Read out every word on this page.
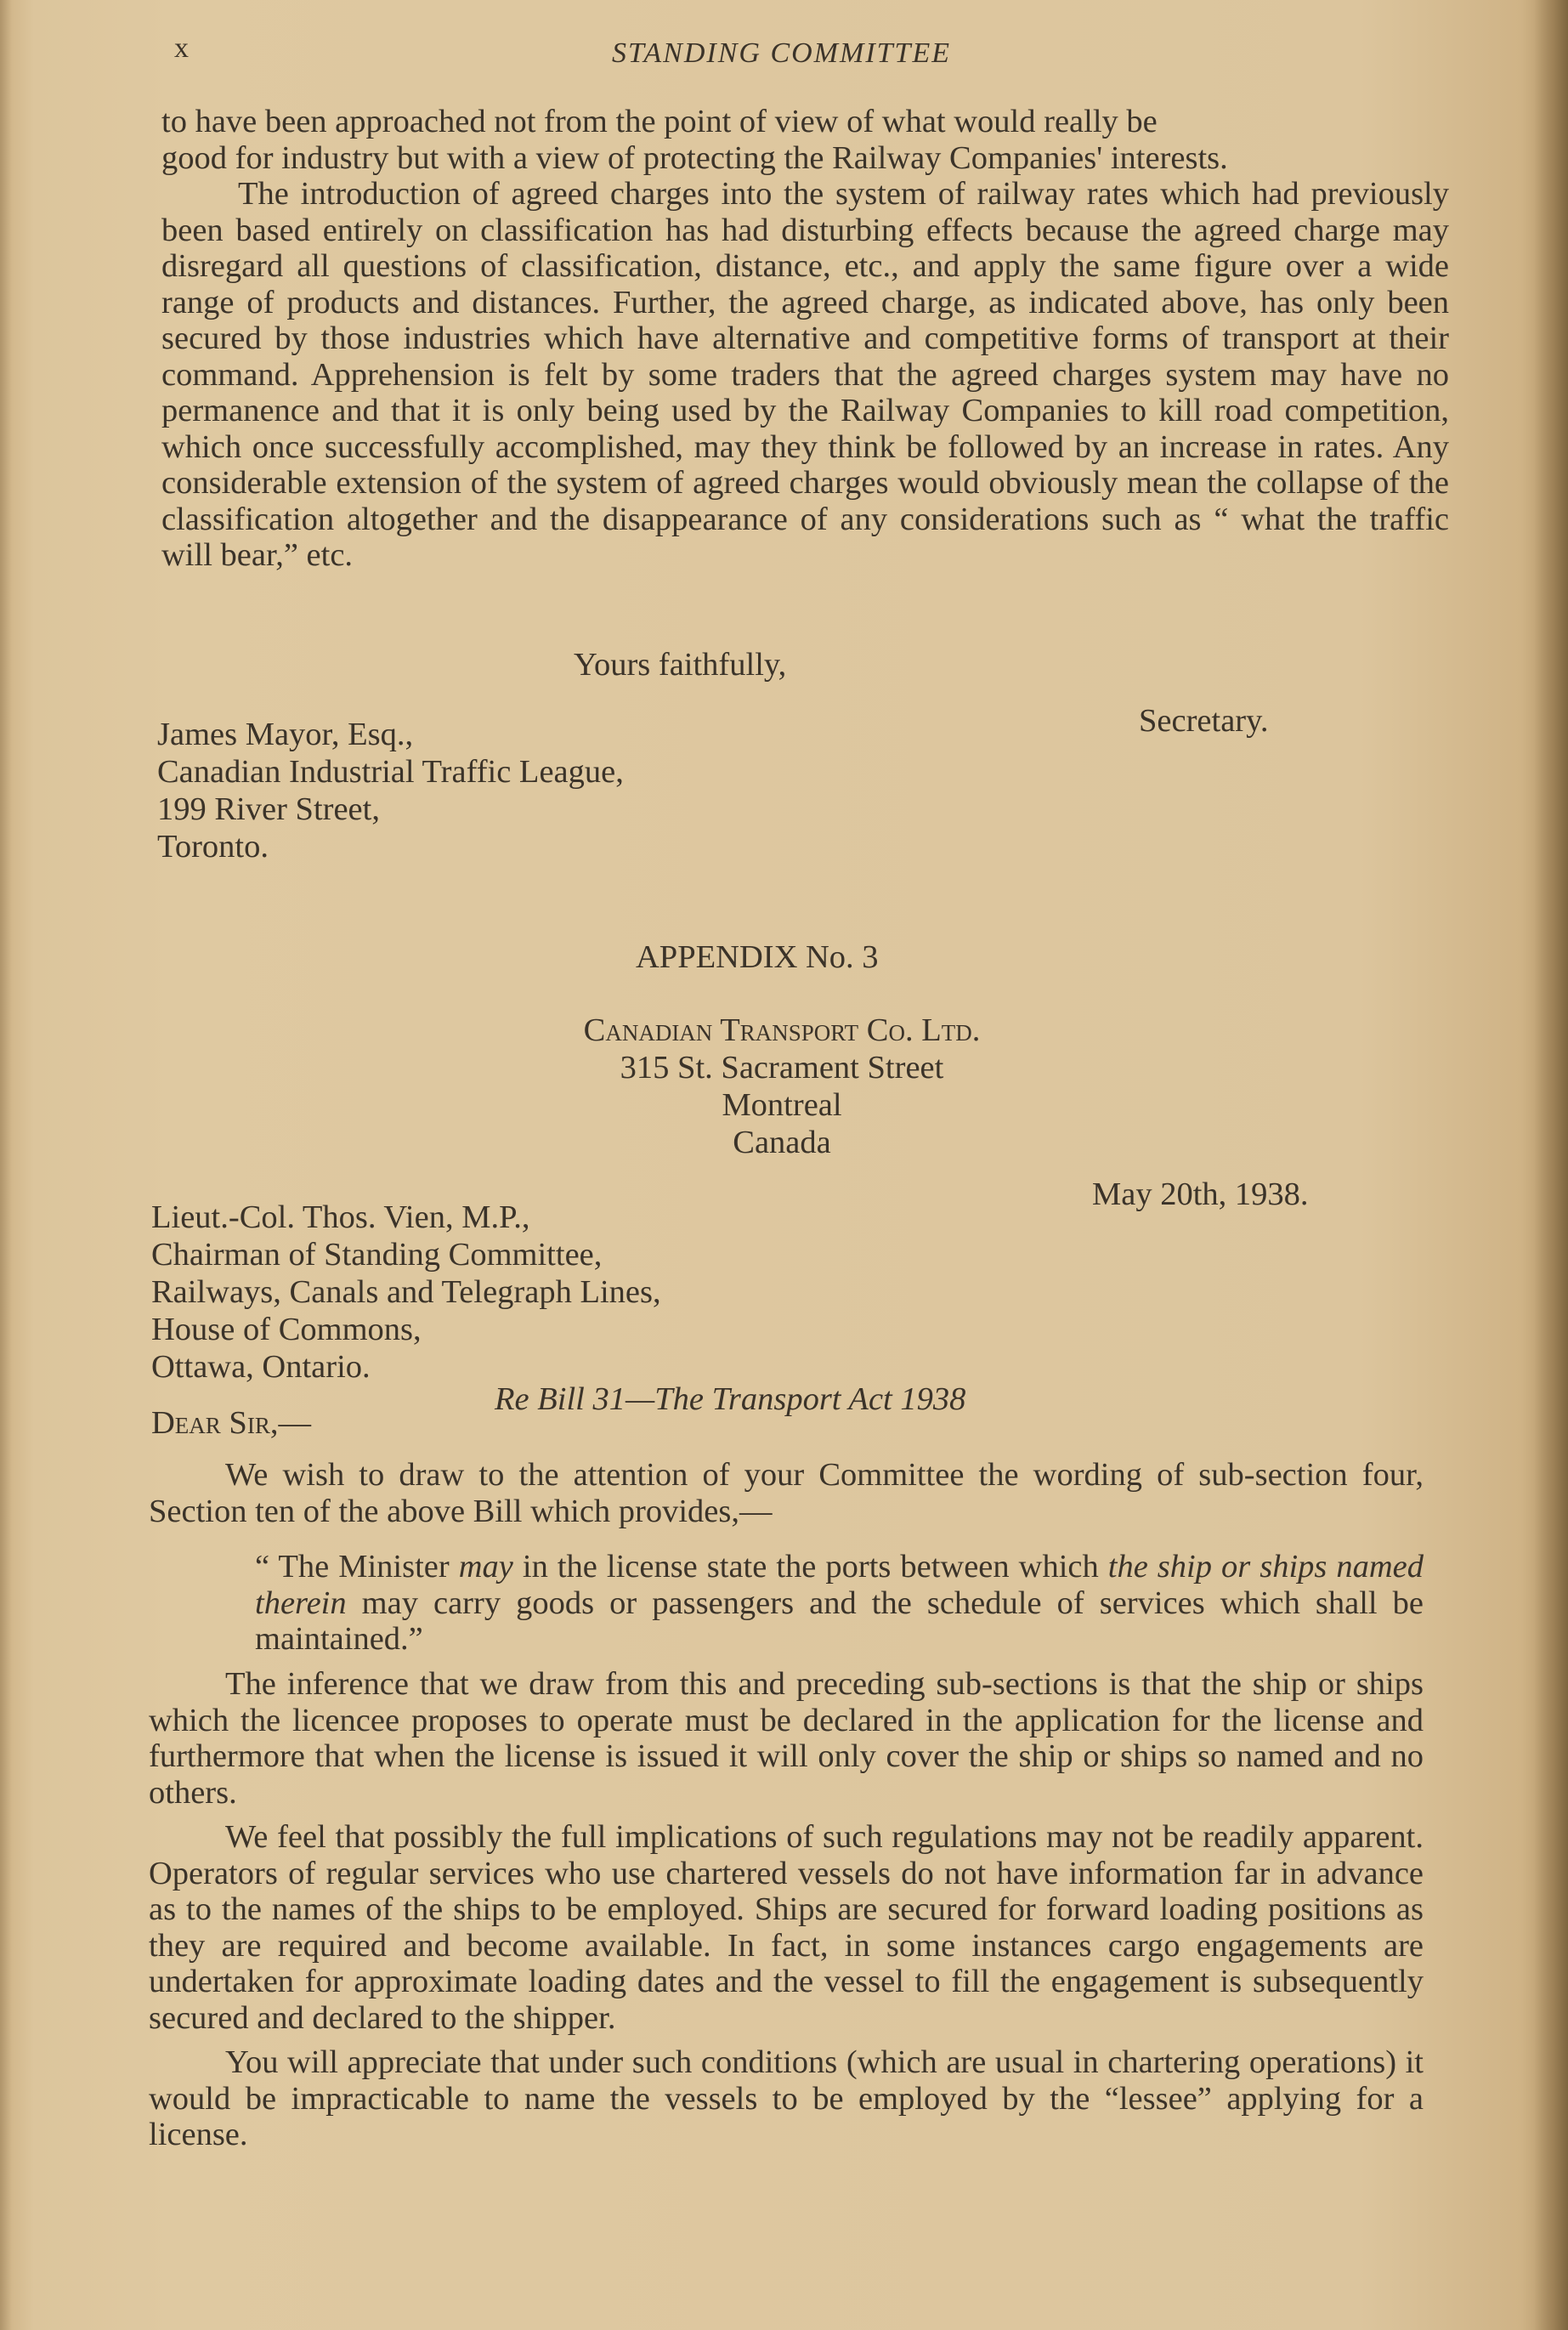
x	STANDING COMMITTEE

to have been approached not from the point of view of what would really be
good for industry but with a view of protecting the Railway Companies' interests.

The introduction of agreed charges into the system of railway rates which had previously been based entirely on classification has had disturbing effects because the agreed charge may disregard all questions of classification, distance, etc., and apply the same figure over a wide range of products and distances. Further, the agreed charge, as indicated above, has only been secured by those industries which have alternative and competitive forms of transport at their command. Apprehension is felt by some traders that the agreed charges system may have no permanence and that it is only being used by the Railway Companies to kill road competition, which once successfully accomplished, may they think be followed by an increase in rates. Any considerable extension of the system of agreed charges would obviously mean the collapse of the classification altogether and the disappearance of any considerations such as “ what the traffic will bear,” etc.

Yours faithfully,
Secretary.
James Mayor, Esq.,
Canadian Industrial Traffic League,
199 River Street,
Toronto.
APPENDIX No. 3
Canadian Transport Co. Ltd.
315 St. Sacrament Street
Montreal
Canada
May 20th, 1938.
Lieut.-Col. Thos. Vien, M.P.,
Chairman of Standing Committee,
Railways, Canals and Telegraph Lines,
House of Commons,
Ottawa, Ontario.
Re Bill 31—The Transport Act 1938
Dear Sir,—

We wish to draw to the attention of your Committee the wording of sub-section four, Section ten of the above Bill which provides,—

“ The Minister may in the license state the ports between which the ship or ships named therein may carry goods or passengers and the schedule of services which shall be maintained.”

The inference that we draw from this and preceding sub-sections is that the ship or ships which the licencee proposes to operate must be declared in the application for the license and furthermore that when the license is issued it will only cover the ship or ships so named and no others.

We feel that possibly the full implications of such regulations may not be readily apparent. Operators of regular services who use chartered vessels do not have information far in advance as to the names of the ships to be employed. Ships are secured for forward loading positions as they are required and become available. In fact, in some instances cargo engagements are undertaken for approximate loading dates and the vessel to fill the engagement is subsequently secured and declared to the shipper.

You will appreciate that under such conditions (which are usual in chartering operations) it would be impracticable to name the vessels to be employed by the “lessee” applying for a license.
